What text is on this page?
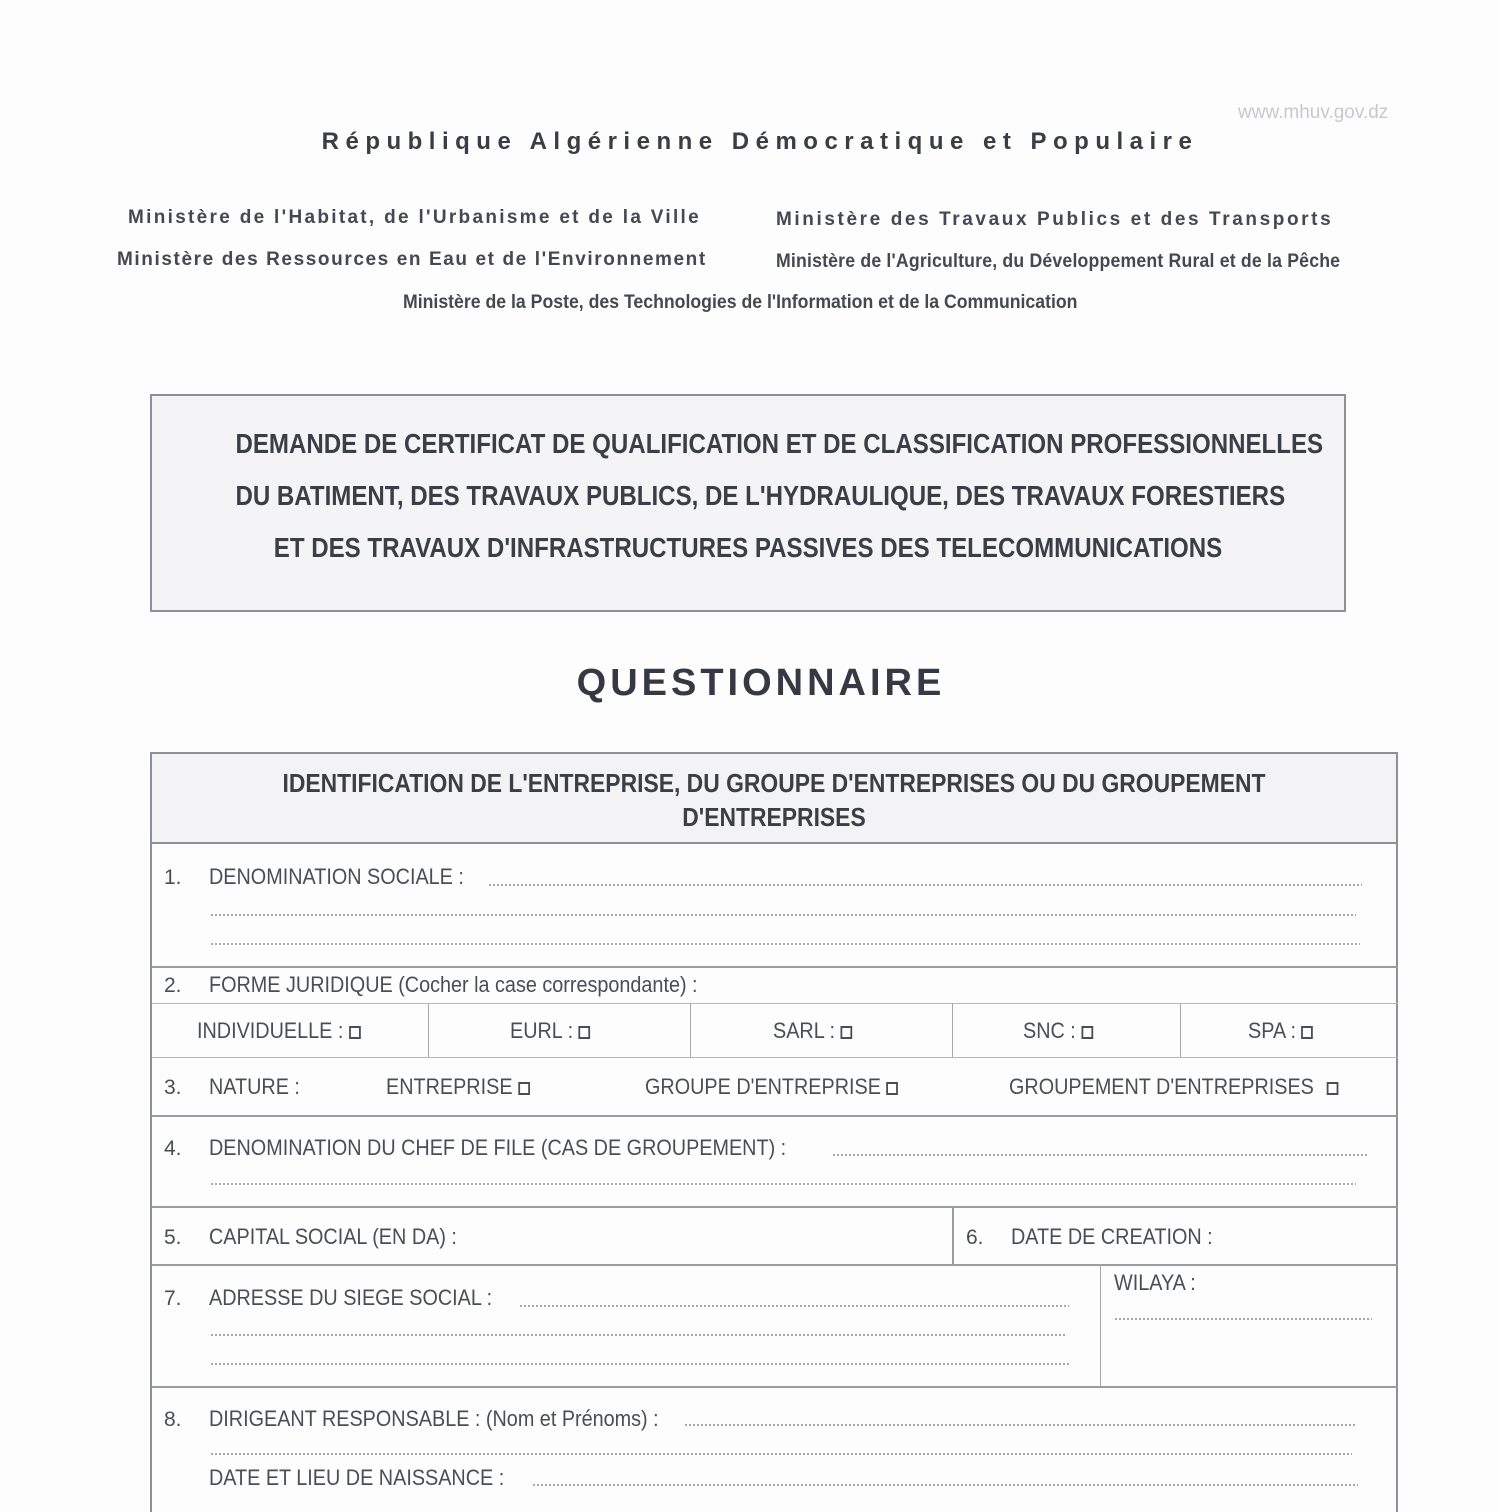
www.mhuv.gov.dz
République Algérienne Démocratique et Populaire
Ministère de l'Habitat, de l'Urbanisme et de la Ville	Ministère des Travaux Publics et des Transports
Ministère des Ressources en Eau et de l'Environnement	Ministère de l'Agriculture, du Développement Rural et de la Pêche
Ministère de la Poste, des Technologies de l'Information et de la Communication
DEMANDE DE CERTIFICAT DE QUALIFICATION ET DE CLASSIFICATION PROFESSIONNELLES
DU BATIMENT, DES TRAVAUX PUBLICS, DE L'HYDRAULIQUE, DES TRAVAUX FORESTIERS
ET DES TRAVAUX D'INFRASTRUCTURES PASSIVES DES TELECOMMUNICATIONS
QUESTIONNAIRE
IDENTIFICATION DE L'ENTREPRISE, DU GROUPE D'ENTREPRISES OU DU GROUPEMENT
D'ENTREPRISES
1. DENOMINATION SOCIALE :
2. FORME JURIDIQUE (Cocher la case correspondante) :
INDIVIDUELLE :	EURL :	SARL :	SNC :	SPA :
3. NATURE :	ENTREPRISE	GROUPE D'ENTREPRISE	GROUPEMENT D'ENTREPRISES
4. DENOMINATION DU CHEF DE FILE (CAS DE GROUPEMENT) :
5. CAPITAL SOCIAL (EN DA) :	6. DATE DE CREATION :
7. ADRESSE DU SIEGE SOCIAL :
WILAYA :
8. DIRIGEANT RESPONSABLE : (Nom et Prénoms) :
DATE ET LIEU DE NAISSANCE :
